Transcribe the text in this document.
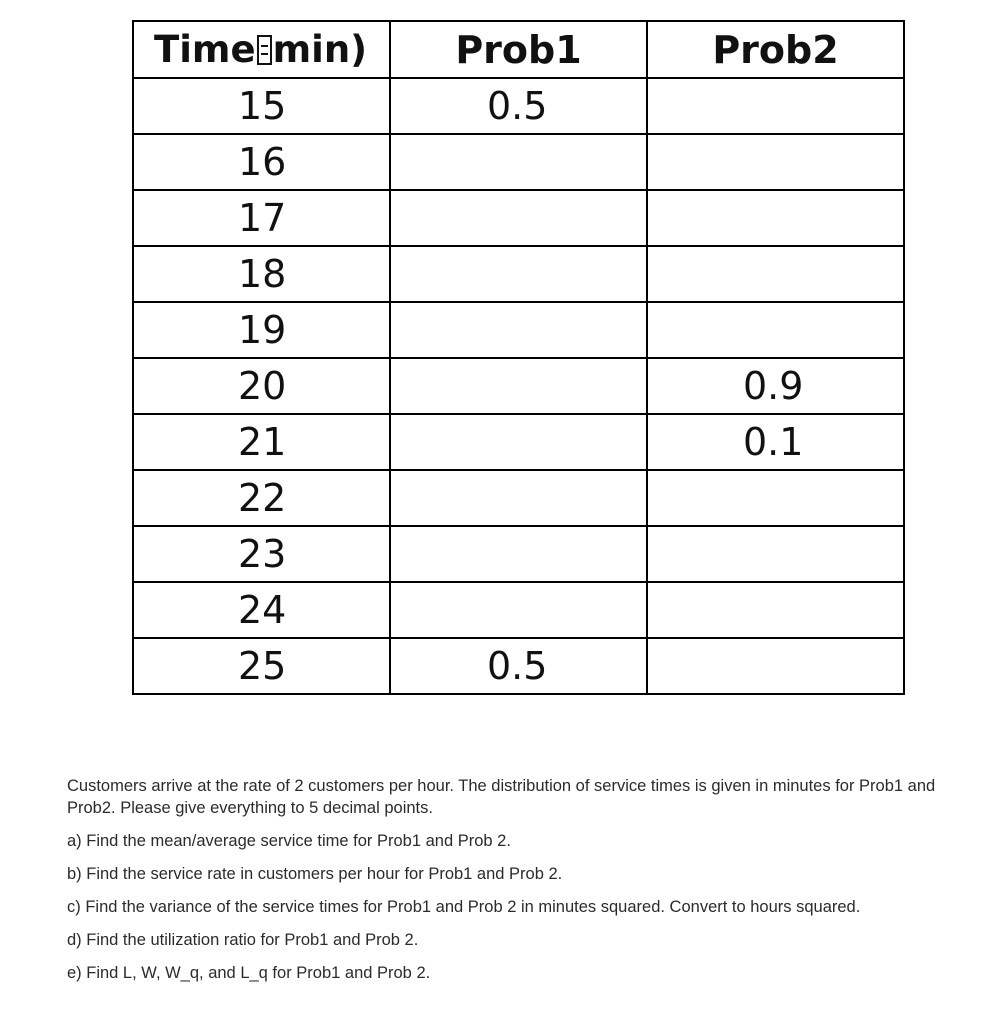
Time min)	Prob1	Prob2
15	0.5	
16		
17		
18		
19		
20		0.9
21		0.1
22		
23		
24		
25	0.5	

Customers arrive at the rate of 2 customers per hour. The distribution of service times is given in minutes for Prob1 and Prob2. Please give everything to 5 decimal points.

a) Find the mean/average service time for Prob1 and Prob 2.

b) Find the service rate in customers per hour for Prob1 and Prob 2.

c) Find the variance of the service times for Prob1 and Prob 2 in minutes squared. Convert to hours squared.

d) Find the utilization ratio for Prob1 and Prob 2.

e) Find L, W, W_q, and L_q for Prob1 and Prob 2.
